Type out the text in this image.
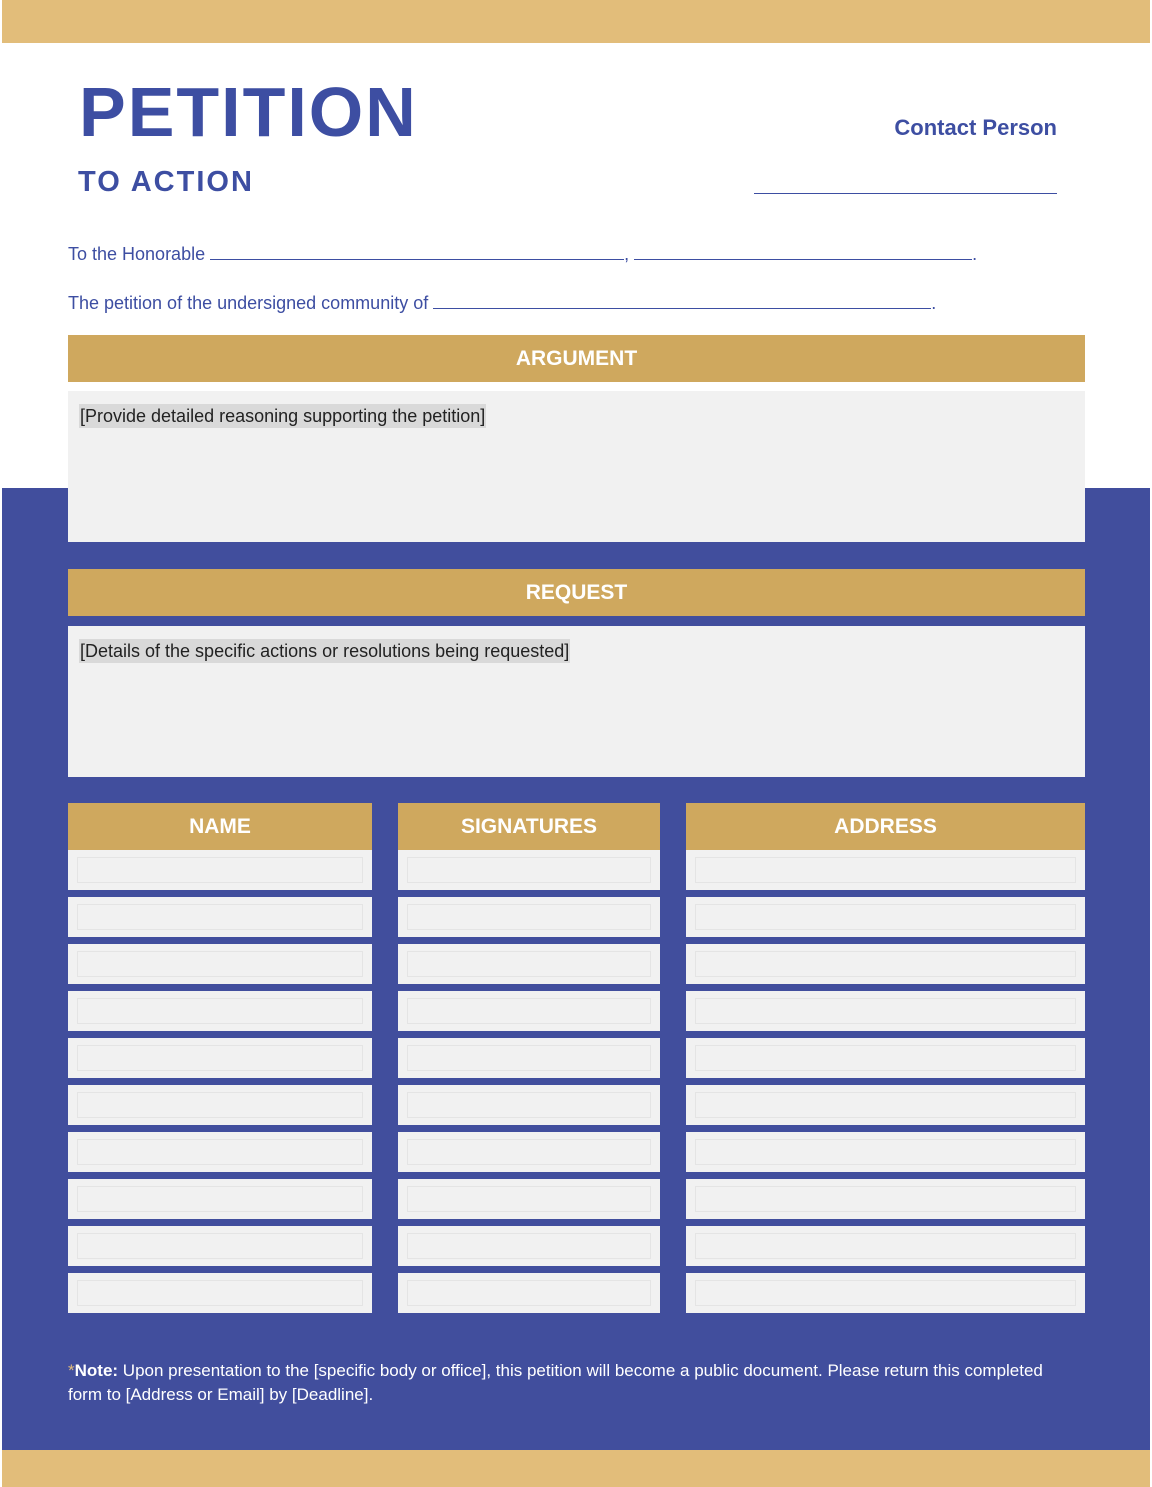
PETITION
TO ACTION
Contact Person
To the Honorable	,	.
The petition of the undersigned community of	.
ARGUMENT
[Provide detailed reasoning supporting the petition]
REQUEST
[Details of the specific actions or resolutions being requested]
NAME	SIGNATURES	ADDRESS
*Note: Upon presentation to the [specific body or office], this petition will become a public document. Please return this completed form to [Address or Email] by [Deadline].
